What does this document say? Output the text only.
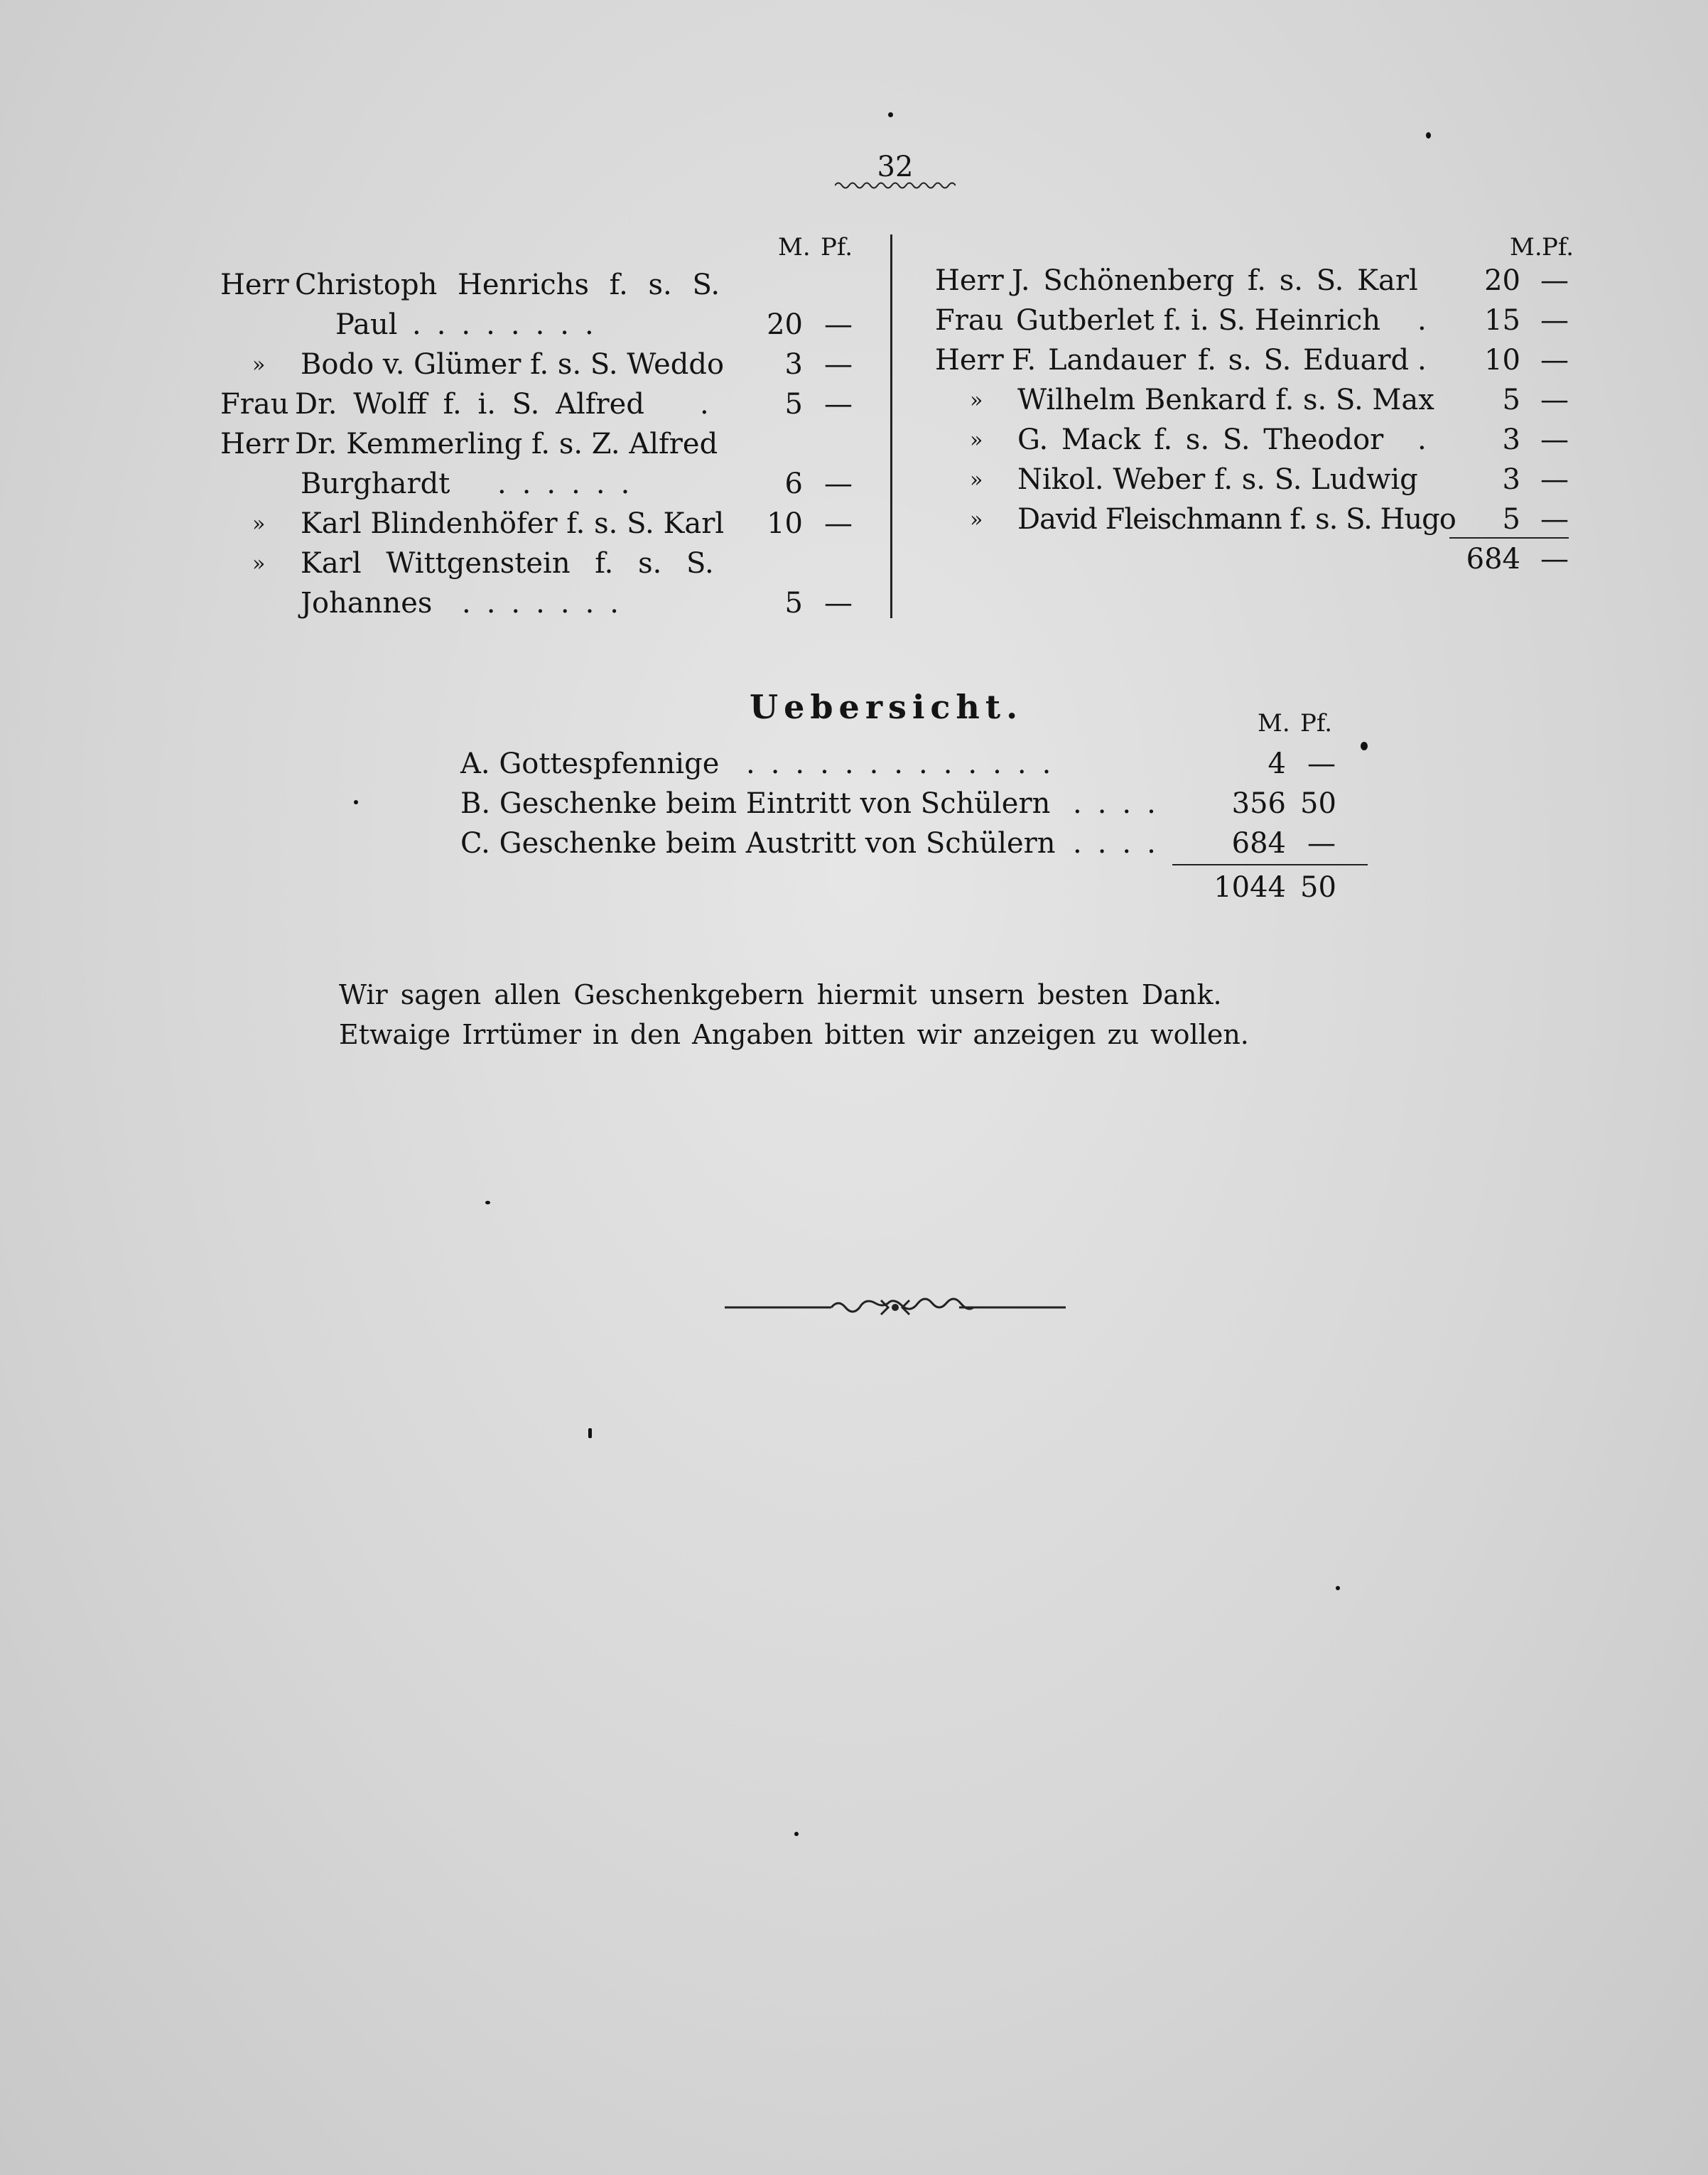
32
M. Pf.
Herr Christoph Henrichs f. s. S.
Paul ........	20 —
» Bodo v. Glümer f. s. S. Weddo	3 —
Frau Dr. Wolff f. i. S. Alfred .	5 —
Herr Dr. Kemmerling f. s. Z. Alfred
Burghardt ......	6 —
» Karl Blindenhöfer f. s. S. Karl	10 —
» Karl Wittgenstein f. s. S.
Johannes .......	5 —
M. Pf.
Herr J. Schönenberg f. s. S. Karl	20 —
Frau Gutberlet f. i. S. Heinrich .	15 —
Herr F. Landauer f. s. S. Eduard .	10 —
» Wilhelm Benkard f. s. S. Max	5 —
» G. Mack f. s. S. Theodor .	3 —
» Nikol. Weber f. s. S. Ludwig	3 —
» David Fleischmann f. s. S. Hugo	5 —
684 —
Uebersicht.	M. Pf.
A. Gottespfennige .............	4 —
B. Geschenke beim Eintritt von Schülern ....	356 50
C. Geschenke beim Austritt von Schülern ....	684 —
1044 50
Wir sagen allen Geschenkgebern hiermit unsern besten Dank.
Etwaige Irrtümer in den Angaben bitten wir anzeigen zu wollen.
